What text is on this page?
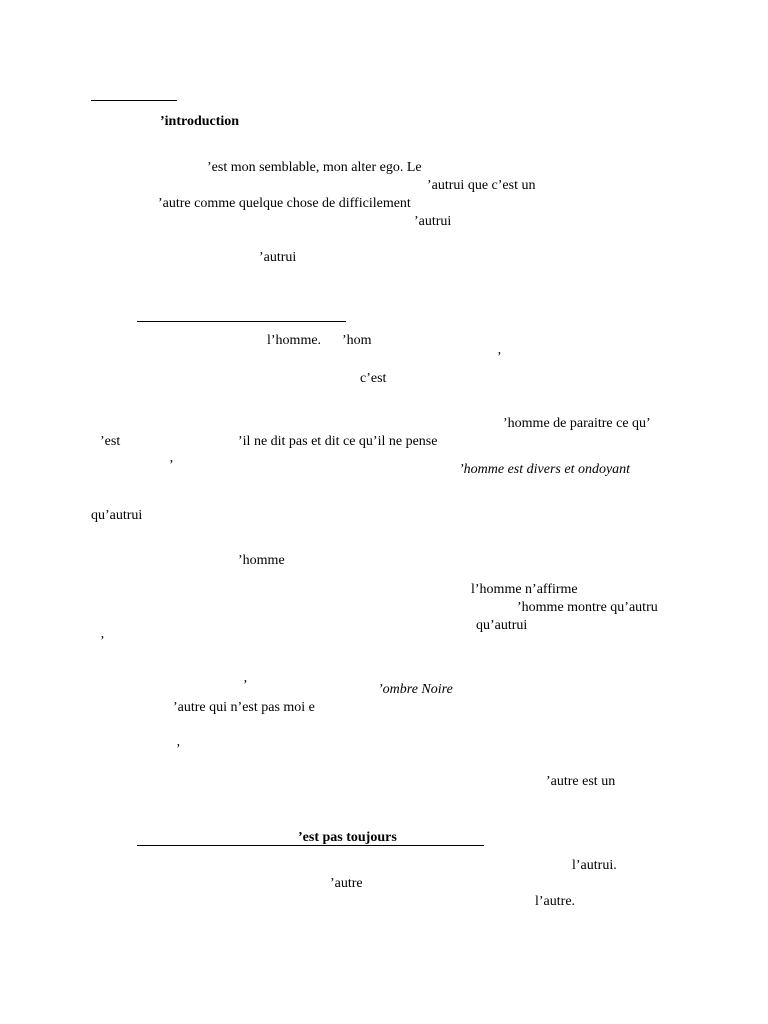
’introduction
’est mon semblable, mon alter ego. Le
’autrui que c’est un
’autre comme quelque chose de difficilement
’autrui
’autrui
l’homme. ’hom
’
c’est
’homme de paraitre ce qu’
’est	’il ne dit pas et dit ce qu’il ne pense
’	’homme est divers et ondoyant
qu’autrui
’homme
l’homme n’affirme
’homme montre qu’autru
qu’autrui
’
’	’ombre Noire
’autre qui n’est pas moi e
’
’autre est un
’est pas toujours
l’autrui.
’autre
l’autre.
